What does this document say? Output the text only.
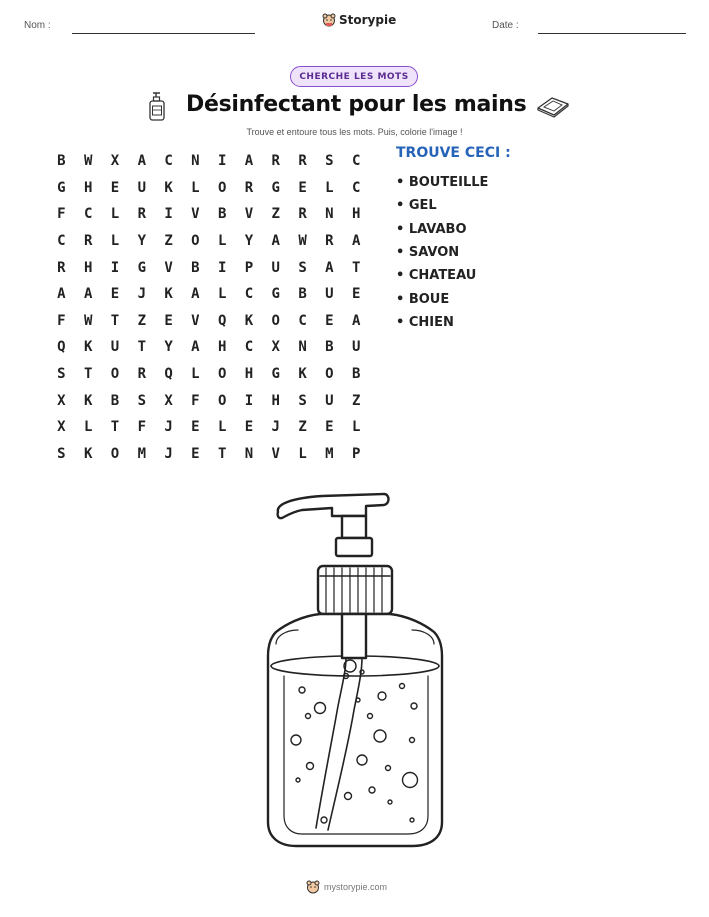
Nom :	Storypie	Date :
CHERCHE LES MOTS
Désinfectant pour les mains
Trouve et entoure tous les mots. Puis, colorie l'image !
B	W	X	A	C	N	I	A	R	R	S	C
G	H	E	U	K	L	O	R	G	E	L	C
F	C	L	R	I	V	B	V	Z	R	N	H
C	R	L	Y	Z	O	L	Y	A	W	R	A
R	H	I	G	V	B	I	P	U	S	A	T
A	A	E	J	K	A	L	C	G	B	U	E
F	W	T	Z	E	V	Q	K	O	C	E	A
Q	K	U	T	Y	A	H	C	X	N	B	U
S	T	O	R	Q	L	O	H	G	K	O	B
X	K	B	S	X	F	O	I	H	S	U	Z
X	L	T	F	J	E	L	E	J	Z	E	L
S	K	O	M	J	E	T	N	V	L	M	P
TROUVE CECI :
• BOUTEILLE
• GEL
• LAVABO
• SAVON
• CHATEAU
• BOUE
• CHIEN
mystorypie.com
